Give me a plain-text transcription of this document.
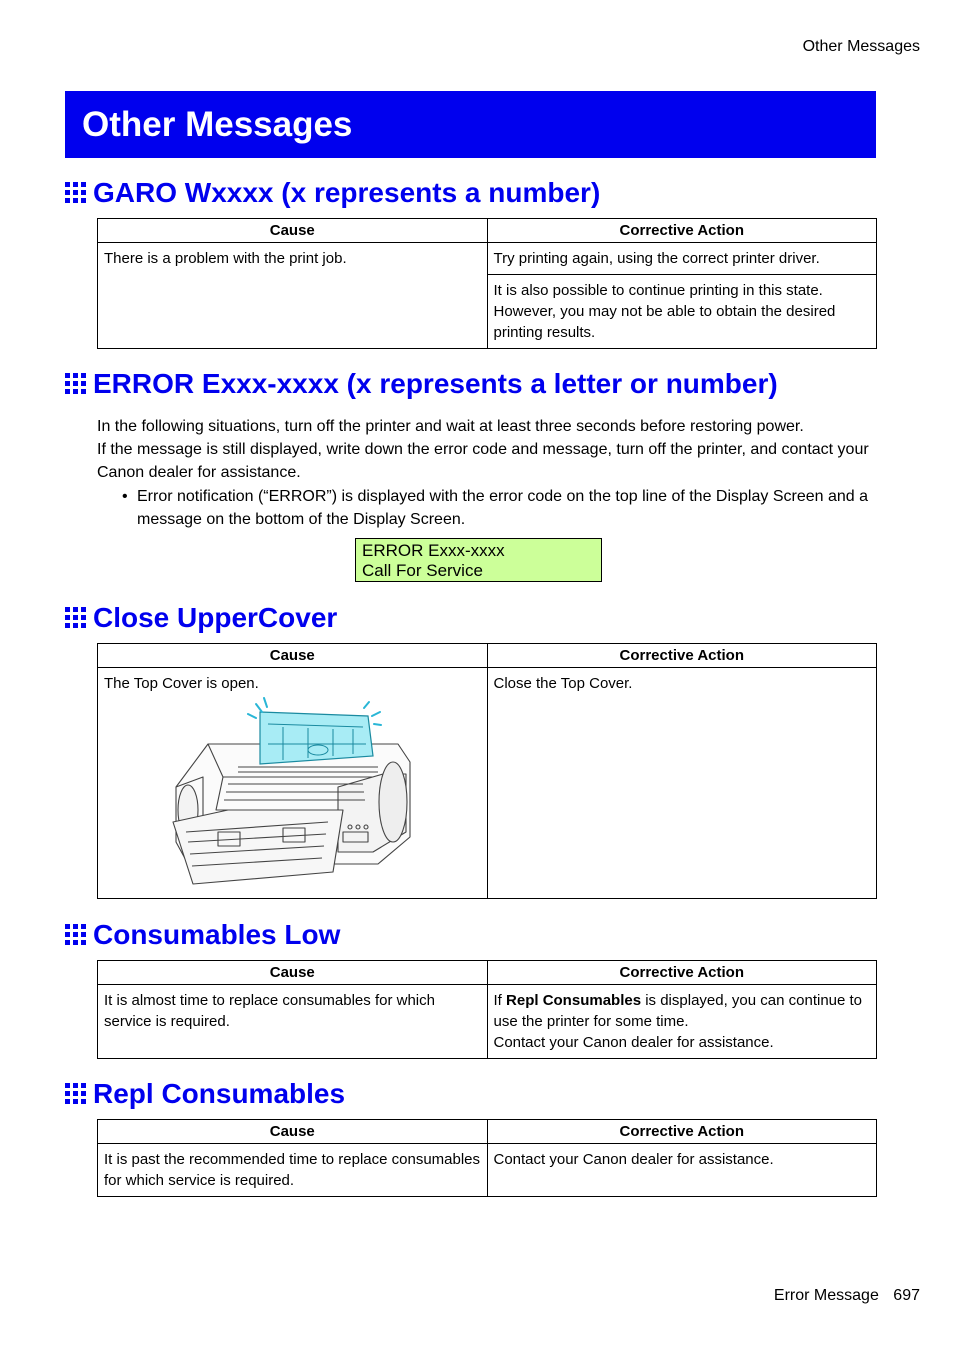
Other Messages
Other Messages
GARO Wxxxx (x represents a number)
Cause	Corrective Action
There is a problem with the print job.	Try printing again, using the correct printer driver.
	It is also possible to continue printing in this state. However, you may not be able to obtain the desired printing results.
ERROR Exxx-xxxx (x represents a letter or number)
In the following situations, turn off the printer and wait at least three seconds before restoring power.
If the message is still displayed, write down the error code and message, turn off the printer, and contact your Canon dealer for assistance.
• Error notification (“ERROR”) is displayed with the error code on the top line of the Display Screen and a message on the bottom of the Display Screen.
ERROR Exxx-xxxx
Call For Service
Close UpperCover
Cause	Corrective Action
The Top Cover is open.	Close the Top Cover.
Consumables Low
Cause	Corrective Action
It is almost time to replace consumables for which service is required.	If Repl Consumables is displayed, you can continue to use the printer for some time.
Contact your Canon dealer for assistance.
Repl Consumables
Cause	Corrective Action
It is past the recommended time to replace consumables for which service is required.	Contact your Canon dealer for assistance.
Error Message 697
